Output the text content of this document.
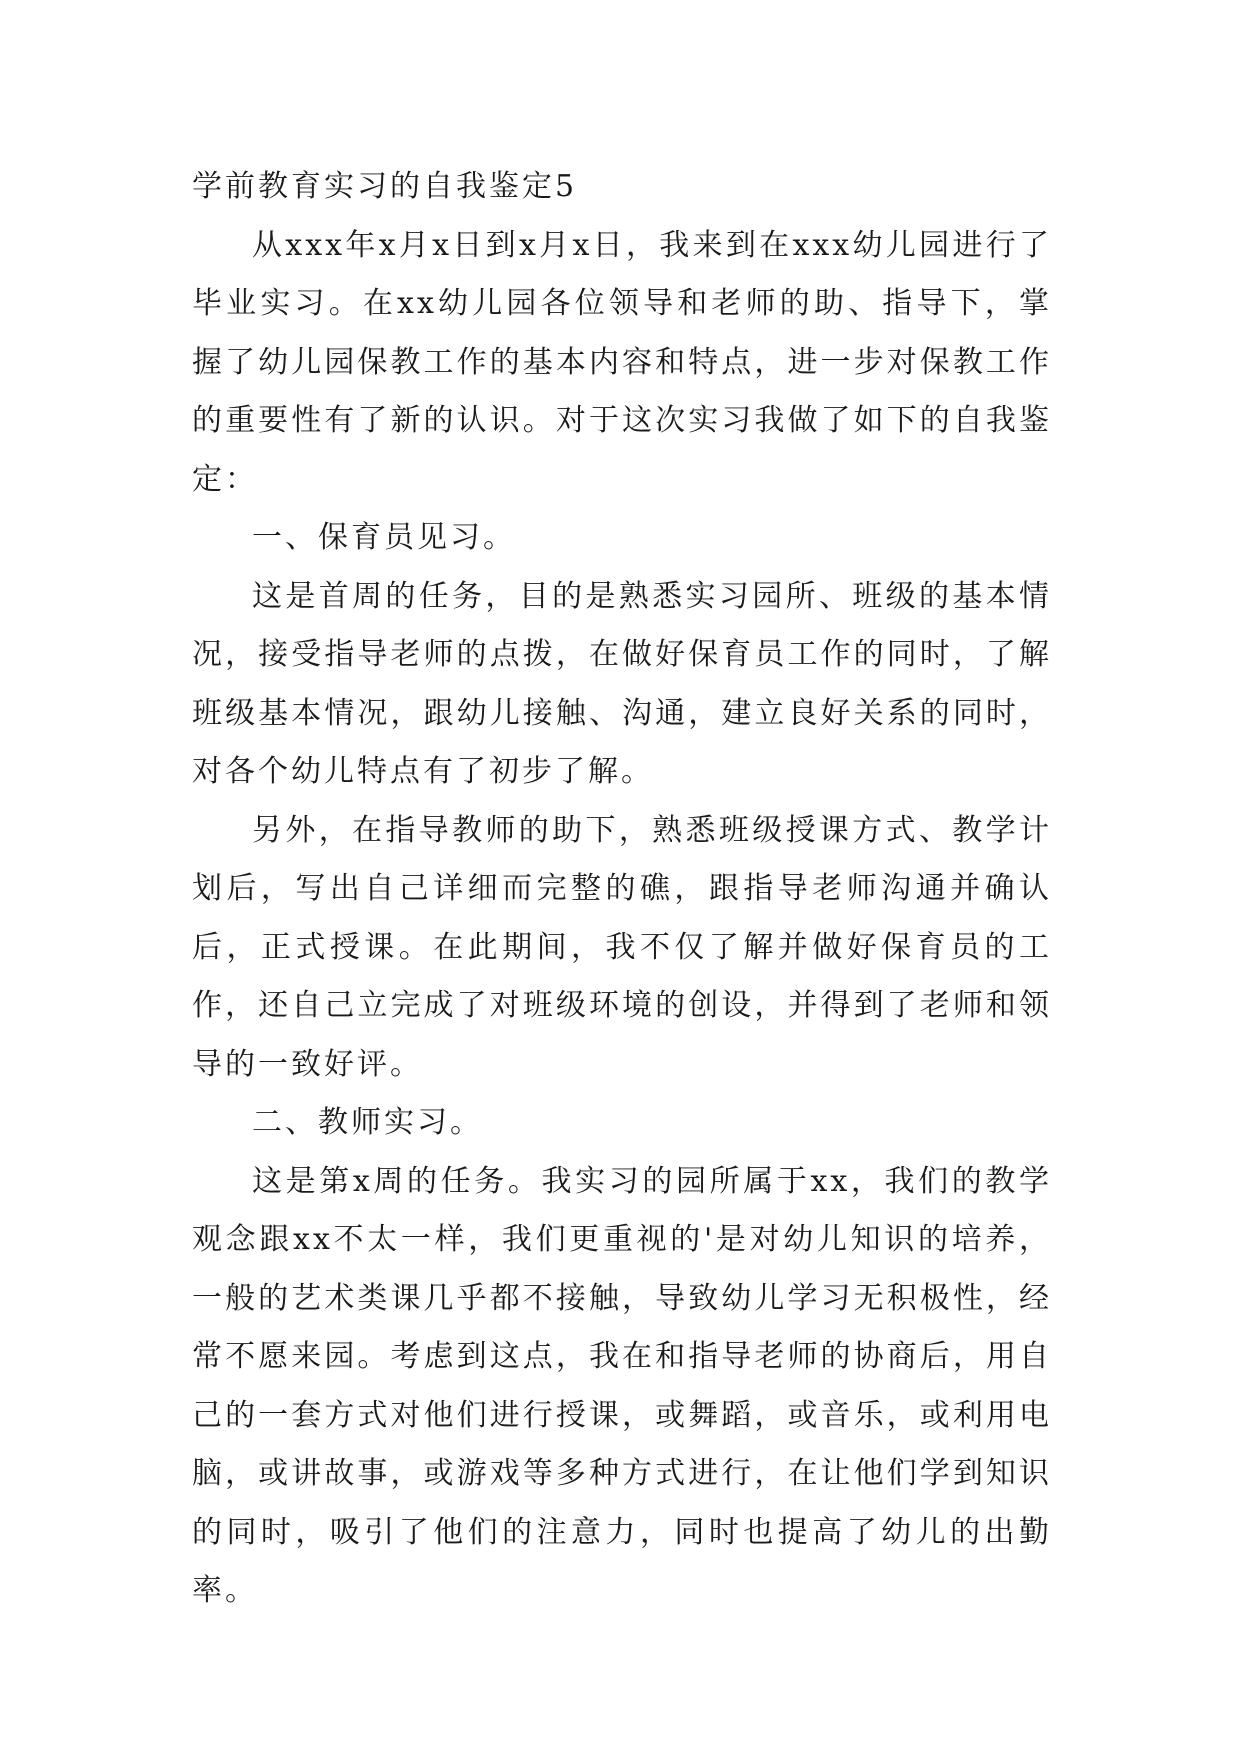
学前教育实习的自我鉴定5

从xxx年x月x日到x月x日，我来到在xxx幼儿园进行了毕业实习。在xx幼儿园各位领导和老师的助、指导下，掌握了幼儿园保教工作的基本内容和特点，进一步对保教工作的重要性有了新的认识。对于这次实习我做了如下的自我鉴定：

一、保育员见习。

这是首周的任务，目的是熟悉实习园所、班级的基本情况，接受指导老师的点拨，在做好保育员工作的同时，了解班级基本情况，跟幼儿接触、沟通，建立良好关系的同时，对各个幼儿特点有了初步了解。

另外，在指导教师的助下，熟悉班级授课方式、教学计划后，写出自己详细而完整的礁，跟指导老师沟通并确认后，正式授课。在此期间，我不仅了解并做好保育员的工作，还自己立完成了对班级环境的创设，并得到了老师和领导的一致好评。

二、教师实习。

这是第x周的任务。我实习的园所属于xx，我们的教学观念跟xx不太一样，我们更重视的'是对幼儿知识的培养，一般的艺术类课几乎都不接触，导致幼儿学习无积极性，经常不愿来园。考虑到这点，我在和指导老师的协商后，用自己的一套方式对他们进行授课，或舞蹈，或音乐，或利用电脑，或讲故事，或游戏等多种方式进行，在让他们学到知识的同时，吸引了他们的注意力，同时也提高了幼儿的出勤率。
